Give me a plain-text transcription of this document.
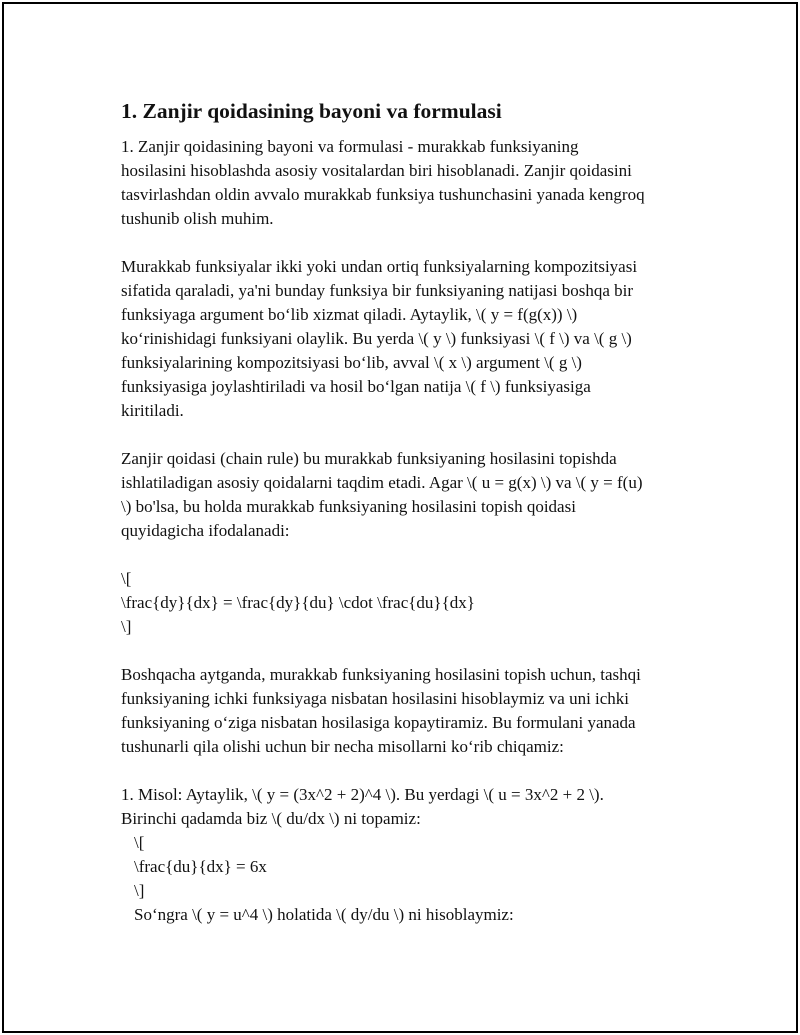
1. Zanjir qoidasining bayoni va formulasi
1. Zanjir qoidasining bayoni va formulasi - murakkab funksiyaning
hosilasini hisoblashda asosiy vositalardan biri hisoblanadi. Zanjir qoidasini
tasvirlashdan oldin avvalo murakkab funksiya tushunchasini yanada kengroq
tushunib olish muhim.
Murakkab funksiyalar ikki yoki undan ortiq funksiyalarning kompozitsiyasi
sifatida qaraladi, ya'ni bunday funksiya bir funksiyaning natijasi boshqa bir
funksiyaga argument bo‘lib xizmat qiladi. Aytaylik, \( y = f(g(x)) \)
ko‘rinishidagi funksiyani olaylik. Bu yerda \( y \) funksiyasi \( f \) va \( g \)
funksiyalarining kompozitsiyasi bo‘lib, avval \( x \) argument \( g \)
funksiyasiga joylashtiriladi va hosil bo‘lgan natija \( f \) funksiyasiga
kiritiladi.
Zanjir qoidasi (chain rule) bu murakkab funksiyaning hosilasini topishda
ishlatiladigan asosiy qoidalarni taqdim etadi. Agar \( u = g(x) \) va \( y = f(u)
\) bo'lsa, bu holda murakkab funksiyaning hosilasini topish qoidasi
quyidagicha ifodalanadi:
\[
\frac{dy}{dx} = \frac{dy}{du} \cdot \frac{du}{dx}
\]
Boshqacha aytganda, murakkab funksiyaning hosilasini topish uchun, tashqi
funksiyaning ichki funksiyaga nisbatan hosilasini hisoblaymiz va uni ichki
funksiyaning o‘ziga nisbatan hosilasiga kopaytiramiz. Bu formulani yanada
tushunarli qila olishi uchun bir necha misollarni ko‘rib chiqamiz:
1. Misol: Aytaylik, \( y = (3x^2 + 2)^4 \). Bu yerdagi \( u = 3x^2 + 2 \).
Birinchi qadamda biz \( du/dx \) ni topamiz:
\[
\frac{du}{dx} = 6x
\]
So‘ngra \( y = u^4 \) holatida \( dy/du \) ni hisoblaymiz:
